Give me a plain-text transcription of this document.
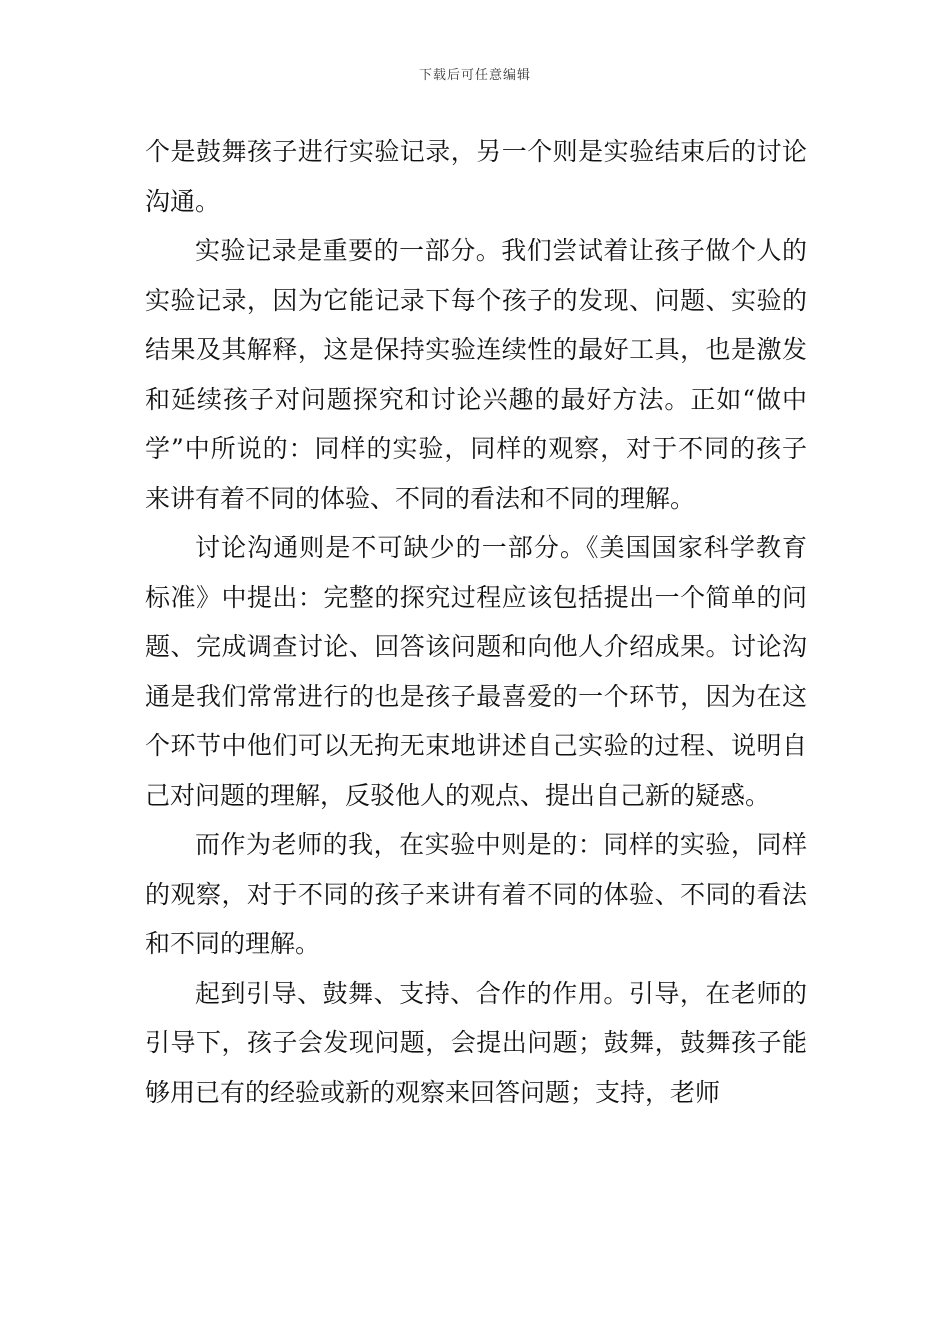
下载后可任意编辑

个是鼓舞孩子进行实验记录，另一个则是实验结束后的讨论沟通。

实验记录是重要的一部分。我们尝试着让孩子做个人的实验记录，因为它能记录下每个孩子的发现、问题、实验的结果及其解释，这是保持实验连续性的最好工具，也是激发和延续孩子对问题探究和讨论兴趣的最好方法。正如“做中学”中所说的：同样的实验，同样的观察，对于不同的孩子来讲有着不同的体验、不同的看法和不同的理解。

讨论沟通则是不可缺少的一部分。《美国国家科学教育标准》中提出：完整的探究过程应该包括提出一个简单的问题、完成调查讨论、回答该问题和向他人介绍成果。讨论沟通是我们常常进行的也是孩子最喜爱的一个环节，因为在这个环节中他们可以无拘无束地讲述自己实验的过程、说明自己对问题的理解，反驳他人的观点、提出自己新的疑惑。

而作为老师的我，在实验中则是的：同样的实验，同样的观察，对于不同的孩子来讲有着不同的体验、不同的看法和不同的理解。

起到引导、鼓舞、支持、合作的作用。引导，在老师的引导下，孩子会发现问题，会提出问题；鼓舞，鼓舞孩子能够用已有的经验或新的观察来回答问题；支持，老师
